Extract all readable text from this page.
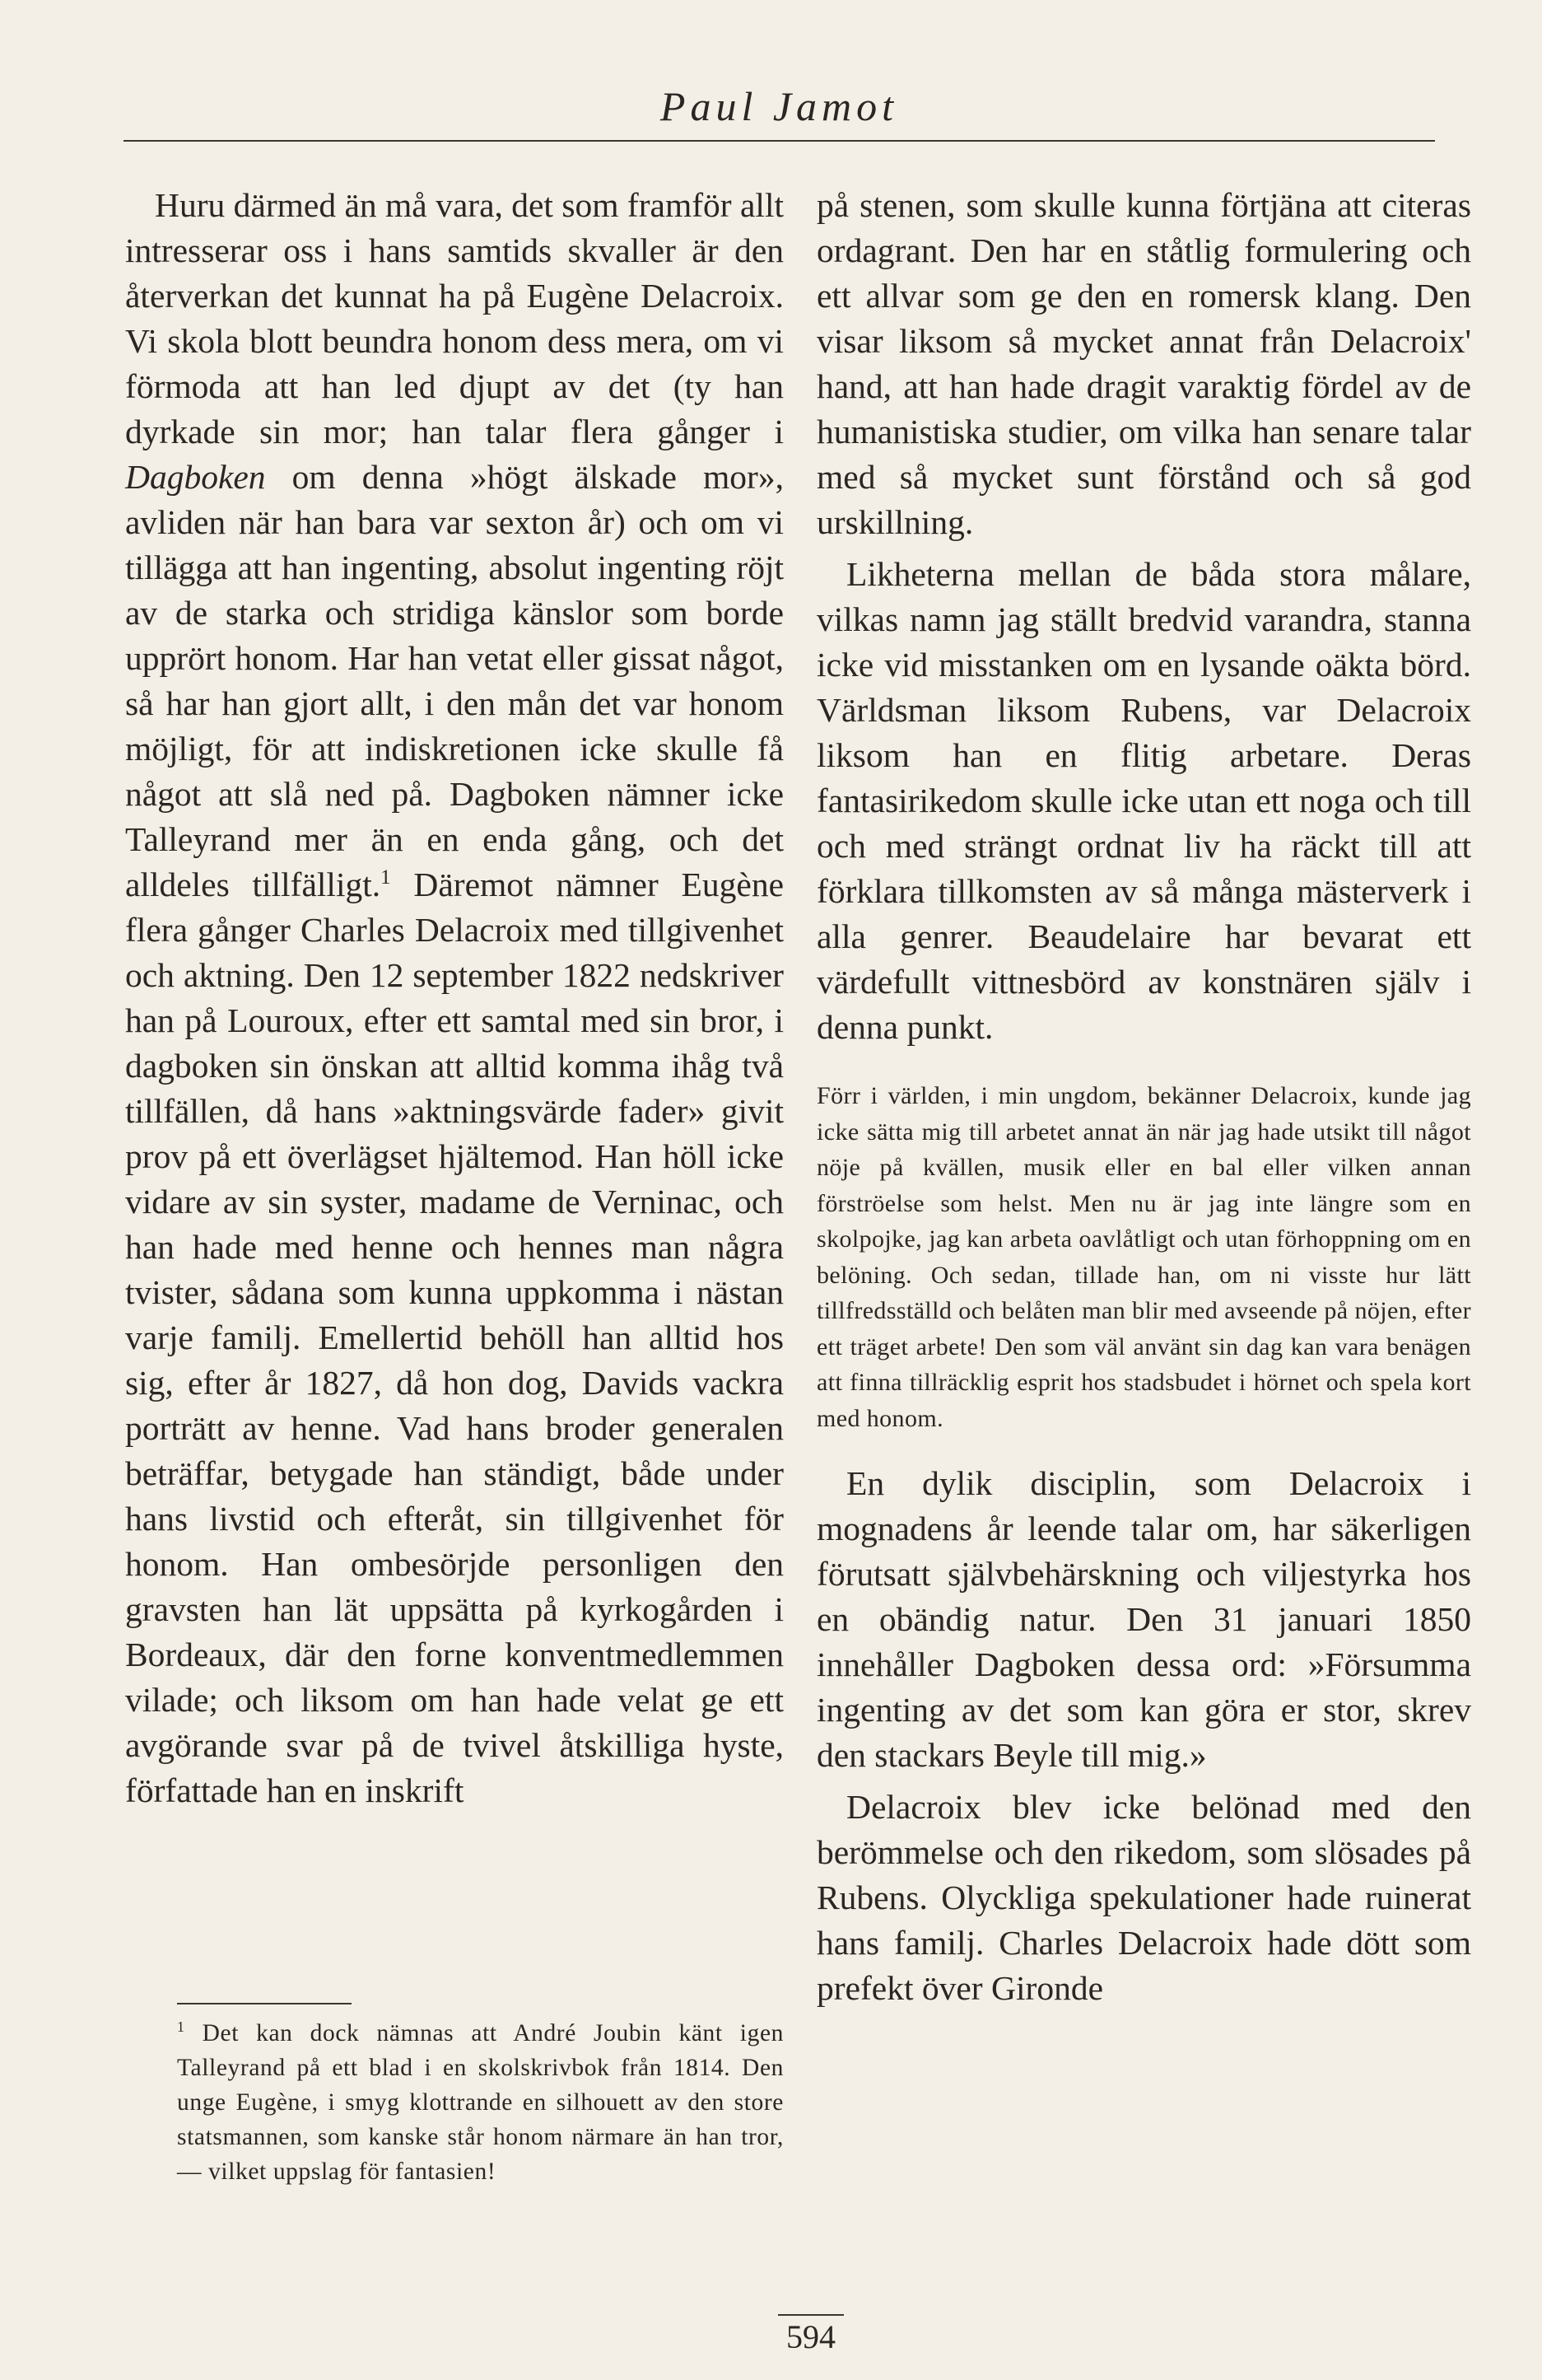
Paul Jamot

Huru därmed än må vara, det som framför allt intresserar oss i hans samtids skvaller är den återverkan det kunnat ha på Eugène Delacroix. Vi skola blott beundra honom dess mera, om vi förmoda att han led djupt av det (ty han dyrkade sin mor; han talar flera gånger i Dagboken om denna »högt älskade mor», avliden när han bara var sexton år) och om vi tillägga att han ingenting, absolut ingenting röjt av de starka och stridiga känslor som borde upprört honom. Har han vetat eller gissat något, så har han gjort allt, i den mån det var honom möjligt, för att indiskretionen icke skulle få något att slå ned på. Dagboken nämner icke Talleyrand mer än en enda gång, och det alldeles tillfälligt.$^1$ Däremot nämner Eugène flera gånger Charles Delacroix med tillgivenhet och aktning. Den 12 september 1822 nedskriver han på Louroux, efter ett samtal med sin bror, i dagboken sin önskan att alltid komma ihåg två tillfällen, då hans »aktningsvärde fader» givit prov på ett överlägset hjältemod. Han höll icke vidare av sin syster, madame de Verninac, och han hade med henne och hennes man några tvister, sådana som kunna uppkomma i nästan varje familj. Emellertid behöll han alltid hos sig, efter år 1827, då hon dog, Davids vackra porträtt av henne. Vad hans broder generalen beträffar, betygade han ständigt, både under hans livstid och efteråt, sin tillgivenhet för honom. Han ombesörjde personligen den gravsten han lät uppsätta på kyrkogården i Bordeaux, där den forne konventmedlemmen vilade; och liksom om han hade velat ge ett avgörande svar på de tvivel åtskilliga hyste, författade han en inskrift

$^1$ Det kan dock nämnas att André Joubin känt igen Talleyrand på ett blad i en skolskrivbok från 1814. Den unge Eugène, i smyg klottrande en silhouett av den store statsmannen, som kanske står honom närmare än han tror, — vilket uppslag för fantasien!

på stenen, som skulle kunna förtjäna att citeras ordagrant. Den har en ståtlig formulering och ett allvar som ge den en romersk klang. Den visar liksom så mycket annat från Delacroix' hand, att han hade dragit varaktig fördel av de humanistiska studier, om vilka han senare talar med så mycket sunt förstånd och så god urskillning.

Likheterna mellan de båda stora målare, vilkas namn jag ställt bredvid varandra, stanna icke vid misstanken om en lysande oäkta börd. Världsman liksom Rubens, var Delacroix liksom han en flitig arbetare. Deras fantasirikedom skulle icke utan ett noga och till och med strängt ordnat liv ha räckt till att förklara tillkomsten av så många mästerverk i alla genrer. Beaudelaire har bevarat ett värdefullt vittnesbörd av konstnären själv i denna punkt.

Förr i världen, i min ungdom, bekänner Delacroix, kunde jag icke sätta mig till arbetet annat än när jag hade utsikt till något nöje på kvällen, musik eller en bal eller vilken annan förströelse som helst. Men nu är jag inte längre som en skolpojke, jag kan arbeta oavlåtligt och utan förhoppning om en belöning. Och sedan, tillade han, om ni visste hur lätt tillfredsställd och belåten man blir med avseende på nöjen, efter ett träget arbete! Den som väl använt sin dag kan vara benägen att finna tillräcklig esprit hos stadsbudet i hörnet och spela kort med honom.

En dylik disciplin, som Delacroix i mognadens år leende talar om, har säkerligen förutsatt självbehärskning och viljestyrka hos en obändig natur. Den 31 januari 1850 innehåller Dagboken dessa ord: »Försumma ingenting av det som kan göra er stor, skrev den stackars Beyle till mig.»

Delacroix blev icke belönad med den berömmelse och den rikedom, som slösades på Rubens. Olyckliga spekulationer hade ruinerat hans familj. Charles Delacroix hade dött som prefekt över Gironde

594
